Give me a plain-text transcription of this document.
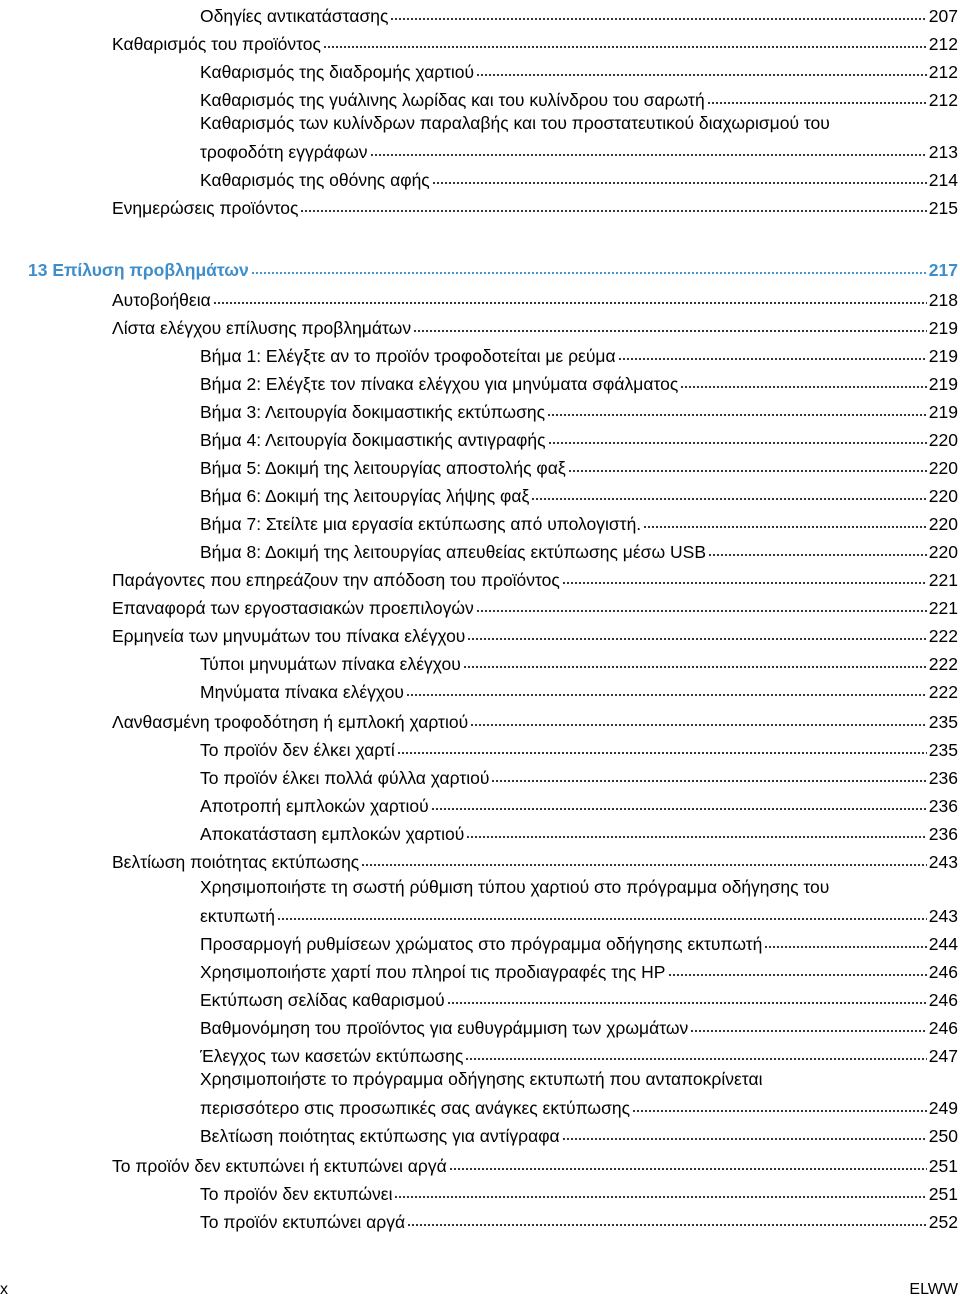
Οδηγίες αντικατάστασης	207
Καθαρισμός του προϊόντος	212
Καθαρισμός της διαδρομής χαρτιού	212
Καθαρισμός της γυάλινης λωρίδας και του κυλίνδρου του σαρωτή	212
Καθαρισμός των κυλίνδρων παραλαβής και του προστατευτικού διαχωρισμού του
τροφοδότη εγγράφων	213
Καθαρισμός της οθόνης αφής	214
Ενημερώσεις προϊόντος	215
13 Επίλυση προβλημάτων	217
Αυτοβοήθεια	218
Λίστα ελέγχου επίλυσης προβλημάτων	219
Βήμα 1: Ελέγξτε αν το προϊόν τροφοδοτείται με ρεύμα	219
Βήμα 2: Ελέγξτε τον πίνακα ελέγχου για μηνύματα σφάλματος	219
Βήμα 3: Λειτουργία δοκιμαστικής εκτύπωσης	219
Βήμα 4: Λειτουργία δοκιμαστικής αντιγραφής	220
Βήμα 5: Δοκιμή της λειτουργίας αποστολής φαξ	220
Βήμα 6: Δοκιμή της λειτουργίας λήψης φαξ	220
Βήμα 7: Στείλτε μια εργασία εκτύπωσης από υπολογιστή.	220
Βήμα 8: Δοκιμή της λειτουργίας απευθείας εκτύπωσης μέσω USB	220
Παράγοντες που επηρεάζουν την απόδοση του προϊόντος	221
Επαναφορά των εργοστασιακών προεπιλογών	221
Ερμηνεία των μηνυμάτων του πίνακα ελέγχου	222
Τύποι μηνυμάτων πίνακα ελέγχου	222
Μηνύματα πίνακα ελέγχου	222
Λανθασμένη τροφοδότηση ή εμπλοκή χαρτιού	235
Το προϊόν δεν έλκει χαρτί	235
Το προϊόν έλκει πολλά φύλλα χαρτιού	236
Αποτροπή εμπλοκών χαρτιού	236
Αποκατάσταση εμπλοκών χαρτιού	236
Βελτίωση ποιότητας εκτύπωσης	243
Χρησιμοποιήστε τη σωστή ρύθμιση τύπου χαρτιού στο πρόγραμμα οδήγησης του
εκτυπωτή	243
Προσαρμογή ρυθμίσεων χρώματος στο πρόγραμμα οδήγησης εκτυπωτή	244
Χρησιμοποιήστε χαρτί που πληροί τις προδιαγραφές της HP	246
Εκτύπωση σελίδας καθαρισμού	246
Βαθμονόμηση του προϊόντος για ευθυγράμμιση των χρωμάτων	246
Έλεγχος των κασετών εκτύπωσης	247
Χρησιμοποιήστε το πρόγραμμα οδήγησης εκτυπωτή που ανταποκρίνεται
περισσότερο στις προσωπικές σας ανάγκες εκτύπωσης	249
Βελτίωση ποιότητας εκτύπωσης για αντίγραφα	250
Το προϊόν δεν εκτυπώνει ή εκτυπώνει αργά	251
Το προϊόν δεν εκτυπώνει	251
Το προϊόν εκτυπώνει αργά	252
x	ELWW
